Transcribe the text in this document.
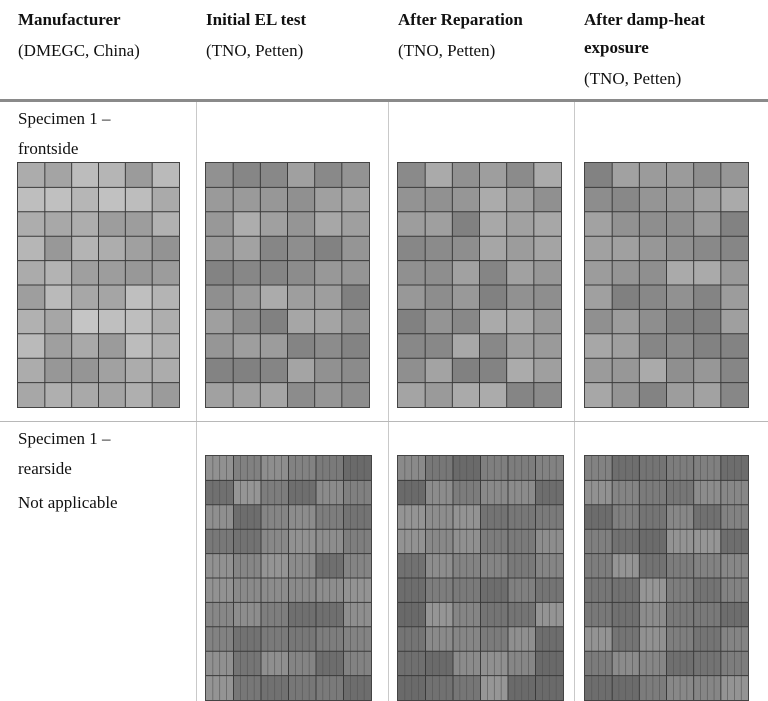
Manufacturer
(DMEGC, China)
Initial EL test
(TNO, Petten)
After Reparation
(TNO, Petten)
After damp-heat
exposure
(TNO, Petten)
Specimen 1 –
frontside
Specimen 1 –
rearside
Not applicable
